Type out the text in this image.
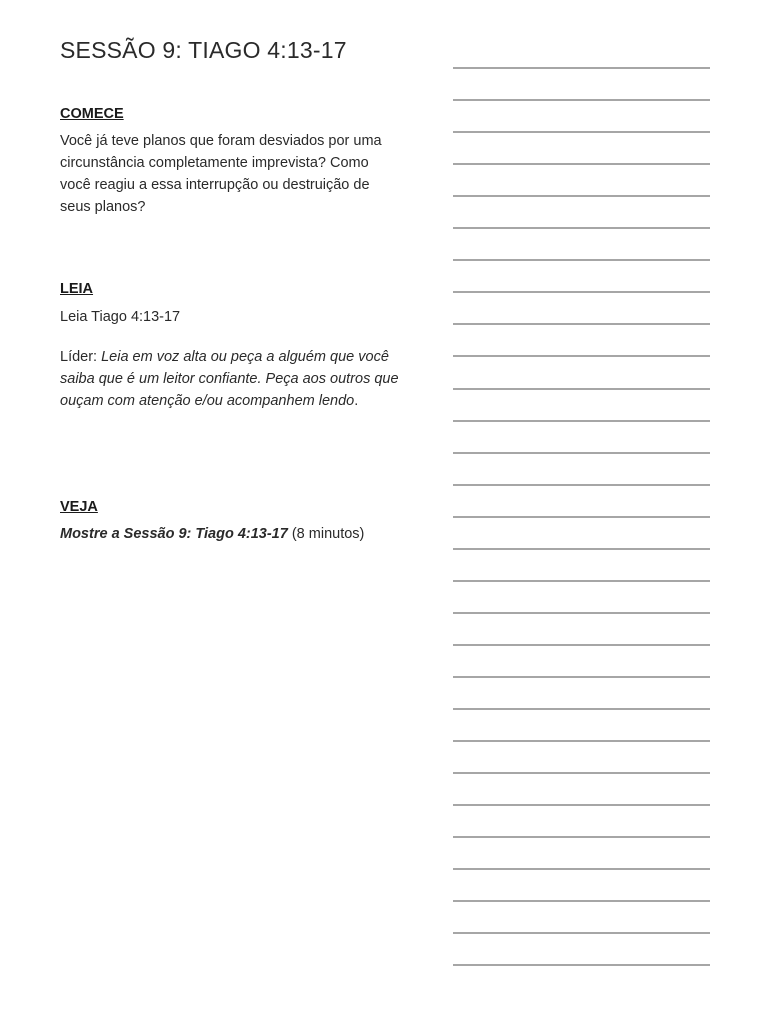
SESSÃO 9: TIAGO 4:13-17
COMECE

Você já teve planos que foram desviados por uma circunstância completamente imprevista? Como você reagiu a essa interrupção ou destruição de seus planos?

LEIA

Leia Tiago 4:13-17

Líder: Leia em voz alta ou peça a alguém que você saiba que é um leitor confiante. Peça aos outros que ouçam com atenção e/ou acompanhem lendo.

VEJA

Mostre a Sessão 9: Tiago 4:13-17 (8 minutos)
